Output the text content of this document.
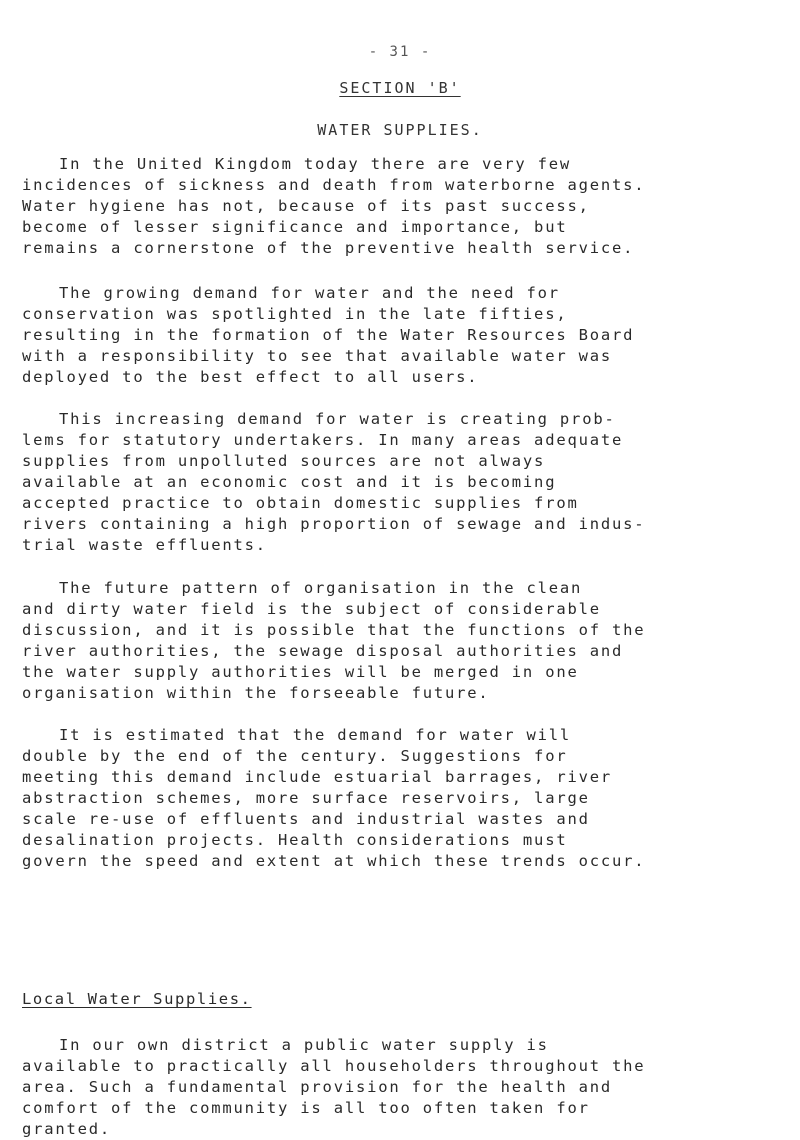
- 31 -
SECTION 'B'
WATER SUPPLIES.

In the United Kingdom today there are very few
incidences of sickness and death from waterborne agents.
Water hygiene has not, because of its past success,
become of lesser significance and importance, but
remains a cornerstone of the preventive health service.

The growing demand for water and the need for
conservation was spotlighted in the late fifties,
resulting in the formation of the Water Resources Board
with a responsibility to see that available water was
deployed to the best effect to all users.

This increasing demand for water is creating prob-
lems for statutory undertakers. In many areas adequate
supplies from unpolluted sources are not always
available at an economic cost and it is becoming
accepted practice to obtain domestic supplies from
rivers containing a high proportion of sewage and indus-
trial waste effluents.

The future pattern of organisation in the clean
and dirty water field is the subject of considerable
discussion, and it is possible that the functions of the
river authorities, the sewage disposal authorities and
the water supply authorities will be merged in one
organisation within the forseeable future.

It is estimated that the demand for water will
double by the end of the century. Suggestions for
meeting this demand include estuarial barrages, river
abstraction schemes, more surface reservoirs, large
scale re-use of effluents and industrial wastes and
desalination projects. Health considerations must
govern the speed and extent at which these trends occur.

Local Water Supplies.

In our own district a public water supply is
available to practically all householders throughout the
area. Such a fundamental provision for the health and
comfort of the community is all too often taken for
granted.
